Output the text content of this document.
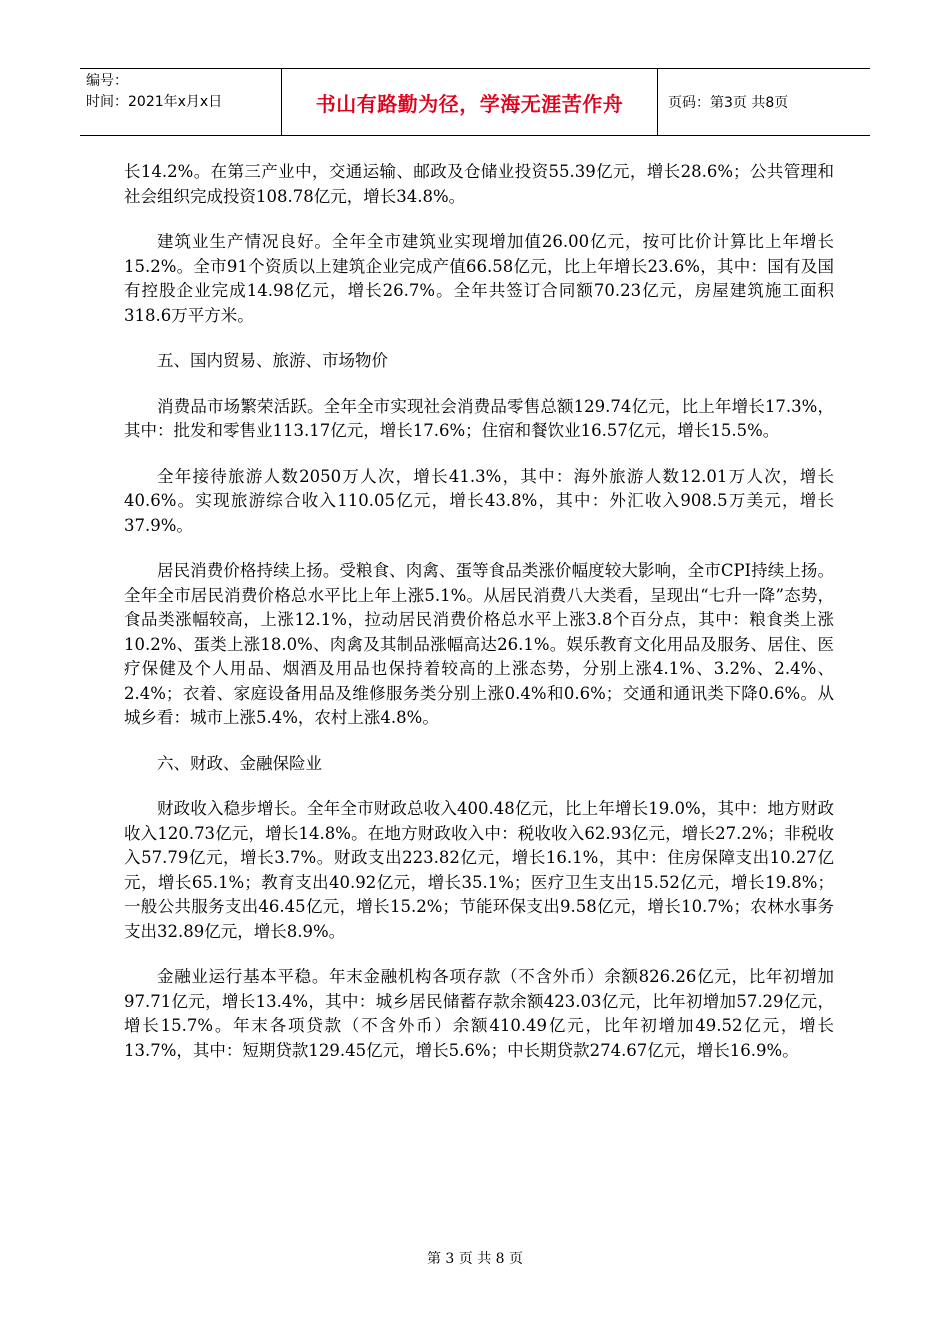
编号：
时间：2021年x月x日	书山有路勤为径，学海无涯苦作舟	页码：第3页 共8页

长14.2%。在第三产业中，交通运输、邮政及仓储业投资55.39亿元，增长28.6%；公共管理和社会组织完成投资108.78亿元，增长34.8%。

建筑业生产情况良好。全年全市建筑业实现增加值26.00亿元，按可比价计算比上年增长15.2%。全市91个资质以上建筑企业完成产值66.58亿元，比上年增长23.6%，其中：国有及国有控股企业完成14.98亿元，增长26.7%。全年共签订合同额70.23亿元，房屋建筑施工面积318.6万平方米。

五、国内贸易、旅游、市场物价

消费品市场繁荣活跃。全年全市实现社会消费品零售总额129.74亿元，比上年增长17.3%，其中：批发和零售业113.17亿元，增长17.6%；住宿和餐饮业16.57亿元，增长15.5%。

全年接待旅游人数2050万人次，增长41.3%，其中：海外旅游人数12.01万人次，增长40.6%。实现旅游综合收入110.05亿元，增长43.8%，其中：外汇收入908.5万美元，增长37.9%。

居民消费价格持续上扬。受粮食、肉禽、蛋等食品类涨价幅度较大影响，全市CPI持续上扬。全年全市居民消费价格总水平比上年上涨5.1%。从居民消费八大类看，呈现出“七升一降”态势，食品类涨幅较高，上涨12.1%，拉动居民消费价格总水平上涨3.8个百分点，其中：粮食类上涨10.2%、蛋类上涨18.0%、肉禽及其制品涨幅高达26.1%。娱乐教育文化用品及服务、居住、医疗保健及个人用品、烟酒及用品也保持着较高的上涨态势，分别上涨4.1%、3.2%、2.4%、2.4%；衣着、家庭设备用品及维修服务类分别上涨0.4%和0.6%；交通和通讯类下降0.6%。从城乡看：城市上涨5.4%，农村上涨4.8%。

六、财政、金融保险业

财政收入稳步增长。全年全市财政总收入400.48亿元，比上年增长19.0%，其中：地方财政收入120.73亿元，增长14.8%。在地方财政收入中：税收收入62.93亿元，增长27.2%；非税收入57.79亿元，增长3.7%。财政支出223.82亿元，增长16.1%，其中：住房保障支出10.27亿元，增长65.1%；教育支出40.92亿元，增长35.1%；医疗卫生支出15.52亿元，增长19.8%；一般公共服务支出46.45亿元，增长15.2%；节能环保支出9.58亿元，增长10.7%；农林水事务支出32.89亿元，增长8.9%。

金融业运行基本平稳。年末金融机构各项存款（不含外币）余额826.26亿元，比年初增加97.71亿元，增长13.4%，其中：城乡居民储蓄存款余额423.03亿元，比年初增加57.29亿元，增长15.7%。年末各项贷款（不含外币）余额410.49亿元，比年初增加49.52亿元，增长13.7%，其中：短期贷款129.45亿元，增长5.6%；中长期贷款274.67亿元，增长16.9%。

第 3 页 共 8 页
